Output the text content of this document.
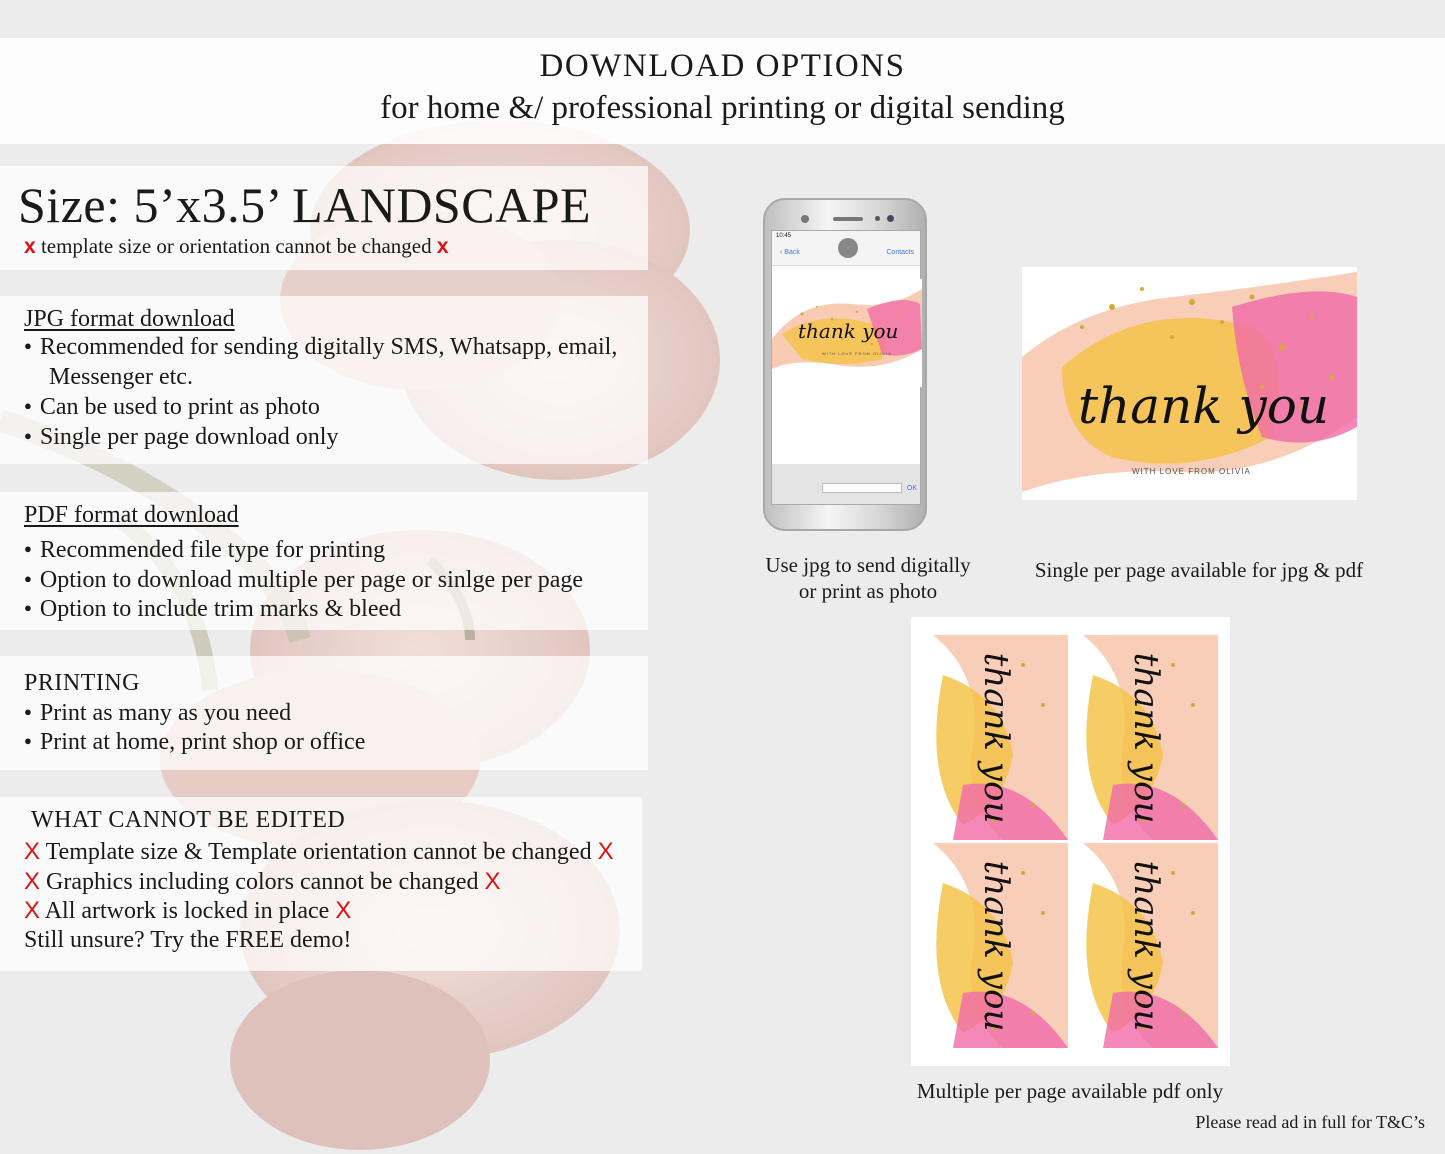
DOWNLOAD OPTIONS
for home &/ professional printing or digital sending
Size: 5’x3.5’ LANDSCAPE
x template size or orientation cannot be changed x
JPG format download
● Recommended for sending digitally SMS, Whatsapp, email,
Messenger etc.
● Can be used to print as photo
● Single per page download only
PDF format download
● Recommended file type for printing
● Option to download multiple per page or sinlge per page
● Option to include trim marks & bleed
PRINTING
● Print as many as you need
● Print at home, print shop or office
WHAT CANNOT BE EDITED
X Template size & Template orientation cannot be changed X
X Graphics including colors cannot be changed X
X All artwork is locked in place X
Still unsure? Try the FREE demo!
10:45
‹ Back	Contacts
thank you
WITH LOVE FROM OLIVIA
OK
Use jpg to send digitally
or print as photo
thank you
WITH LOVE FROM OLIVIA
Single per page available for jpg & pdf
thank you	thank you
thank you	thank you
Multiple per page available pdf only
Please read ad in full for T&C’s
